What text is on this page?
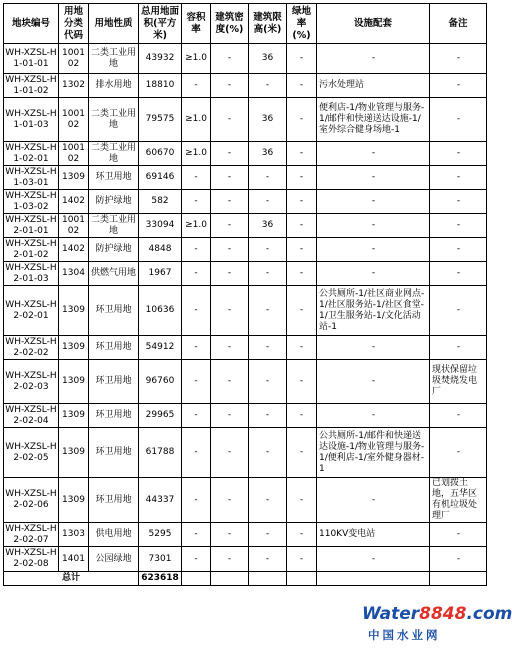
地块编号	用地分类代码	用地性质	总用地面积(平方米)	容积率	建筑密度(%)	建筑限高(米)	绿地率(%)	设施配套	备注
WH-XZSL-H1-01-01	100102	二类工业用地	43932	≥1.0	-	36	-	-	-
WH-XZSL-H1-01-02	1302	排水用地	18810	-	-	-	-	污水处理站	-
WH-XZSL-H1-01-03	100102	二类工业用地	79575	≥1.0	-	36	-	便利店-1/物业管理与服务-1/邮件和快递送达设施-1/室外综合健身场地-1	-
WH-XZSL-H1-02-01	100102	二类工业用地	60670	≥1.0	-	36	-	-	-
WH-XZSL-H1-03-01	1309	环卫用地	69146	-	-	-	-	-	-
WH-XZSL-H1-03-02	1402	防护绿地	582	-	-	-	-	-	-
WH-XZSL-H2-01-01	100102	二类工业用地	33094	≥1.0	-	36	-	-	-
WH-XZSL-H2-01-02	1402	防护绿地	4848	-	-	-	-	-	-
WH-XZSL-H2-01-03	1304	供燃气用地	1967	-	-	-	-	-	-
WH-XZSL-H2-02-01	1309	环卫用地	10636	-	-	-	-	公共厕所-1/社区商业网点-1/社区服务站-1/社区食堂-1/卫生服务站-1/文化活动站-1	-
WH-XZSL-H2-02-02	1309	环卫用地	54912	-	-	-	-	-	-
WH-XZSL-H2-02-03	1309	环卫用地	96760	-	-	-	-	-	现状保留垃圾焚烧发电厂
WH-XZSL-H2-02-04	1309	环卫用地	29965	-	-	-	-	-	-
WH-XZSL-H2-02-05	1309	环卫用地	61788	-	-	-	-	公共厕所-1/邮件和快递送达设施-1/物业管理与服务-1/便利店-1/室外健身器材-1	-
WH-XZSL-H2-02-06	1309	环卫用地	44337	-	-	-	-	-	已划拨土地，五华区有机垃圾处理厂
WH-XZSL-H2-02-07	1303	供电用地	5295	-	-	-	-	110KV变电站	-
WH-XZSL-H2-02-08	1401	公园绿地	7301	-	-	-	-	-	-
总计			623618						
Water8848.com
中国水业网
